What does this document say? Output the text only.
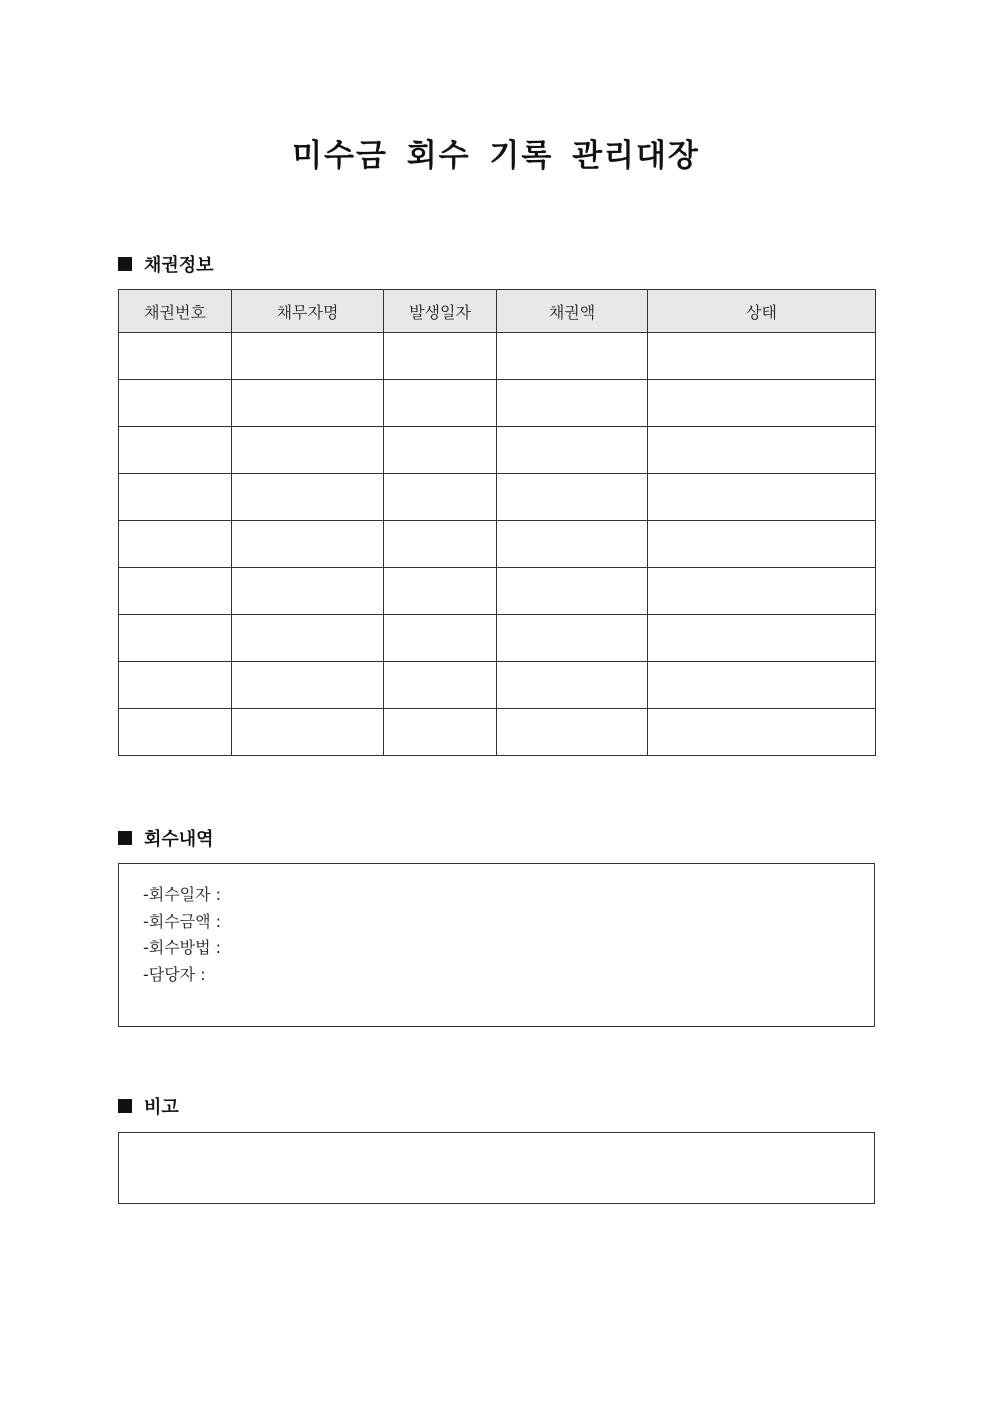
미수금 회수 기록 관리대장
채권정보
채권번호	채무자명	발생일자	채권액	상태

회수내역
-회수일자 :
-회수금액 :
-회수방법 :
-담당자 :
비고
